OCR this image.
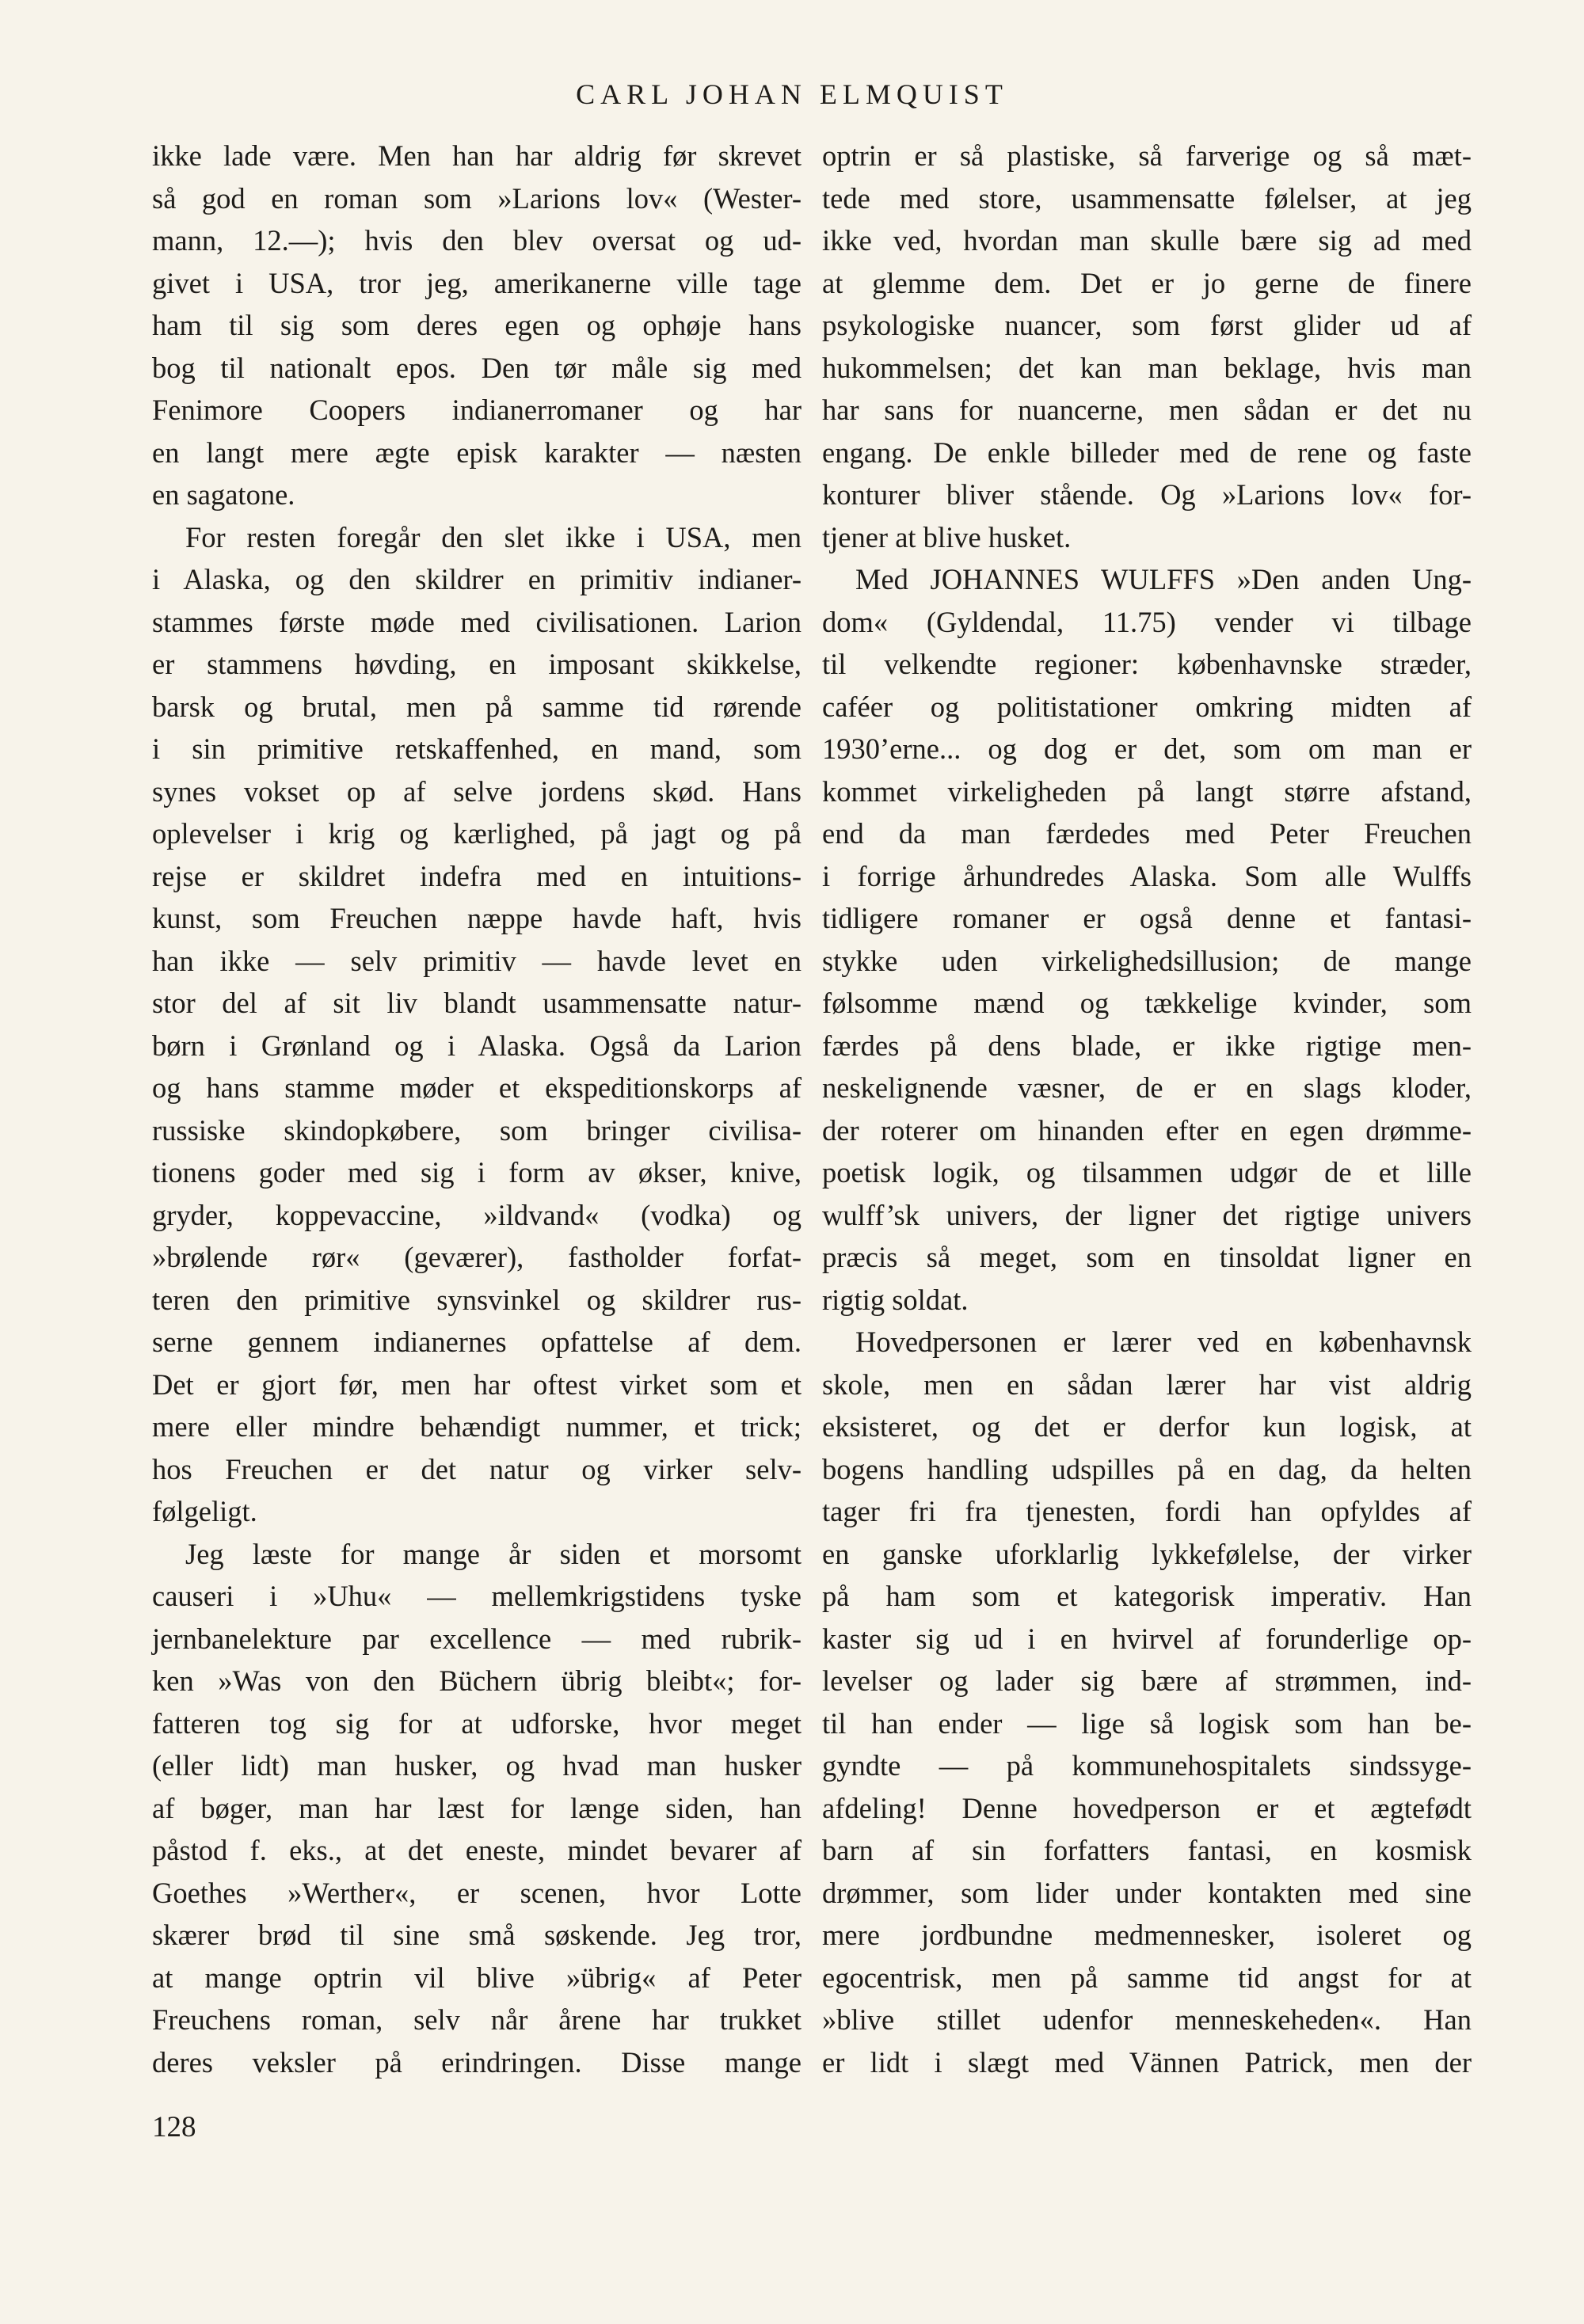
CARL JOHAN ELMQUIST
ikke lade være. Men han har aldrig før skrevet
så god en roman som »Larions lov« (Wester-
mann, 12.—); hvis den blev oversat og ud-
givet i USA, tror jeg, amerikanerne ville tage
ham til sig som deres egen og ophøje hans
bog til nationalt epos. Den tør måle sig med
Fenimore Coopers indianerromaner og har
en langt mere ægte episk karakter — næsten
en sagatone.
For resten foregår den slet ikke i USA, men
i Alaska, og den skildrer en primitiv indianer-
stammes første møde med civilisationen. Larion
er stammens høvding, en imposant skikkelse,
barsk og brutal, men på samme tid rørende
i sin primitive retskaffenhed, en mand, som
synes vokset op af selve jordens skød. Hans
oplevelser i krig og kærlighed, på jagt og på
rejse er skildret indefra med en intuitions-
kunst, som Freuchen næppe havde haft, hvis
han ikke — selv primitiv — havde levet en
stor del af sit liv blandt usammensatte natur-
børn i Grønland og i Alaska. Også da Larion
og hans stamme møder et ekspeditionskorps af
russiske skindopkøbere, som bringer civilisa-
tionens goder med sig i form av økser, knive,
gryder, koppevaccine, »ildvand« (vodka) og
»brølende rør« (geværer), fastholder forfat-
teren den primitive synsvinkel og skildrer rus-
serne gennem indianernes opfattelse af dem.
Det er gjort før, men har oftest virket som et
mere eller mindre behændigt nummer, et trick;
hos Freuchen er det natur og virker selv-
følgeligt.
Jeg læste for mange år siden et morsomt
causeri i »Uhu« — mellemkrigstidens tyske
jernbanelekture par excellence — med rubrik-
ken »Was von den Büchern übrig bleibt«; for-
fatteren tog sig for at udforske, hvor meget
(eller lidt) man husker, og hvad man husker
af bøger, man har læst for længe siden, han
påstod f. eks., at det eneste, mindet bevarer af
Goethes »Werther«, er scenen, hvor Lotte
skærer brød til sine små søskende. Jeg tror,
at mange optrin vil blive »übrig« af Peter
Freuchens roman, selv når årene har trukket
deres veksler på erindringen. Disse mange
optrin er så plastiske, så farverige og så mæt-
tede med store, usammensatte følelser, at jeg
ikke ved, hvordan man skulle bære sig ad med
at glemme dem. Det er jo gerne de finere
psykologiske nuancer, som først glider ud af
hukommelsen; det kan man beklage, hvis man
har sans for nuancerne, men sådan er det nu
engang. De enkle billeder med de rene og faste
konturer bliver stående. Og »Larions lov« for-
tjener at blive husket.
Med JOHANNES WULFFS »Den anden Ung-
dom« (Gyldendal, 11.75) vender vi tilbage
til velkendte regioner: københavnske stræder,
caféer og politistationer omkring midten af
1930’erne... og dog er det, som om man er
kommet virkeligheden på langt større afstand,
end da man færdedes med Peter Freuchen
i forrige århundredes Alaska. Som alle Wulffs
tidligere romaner er også denne et fantasi-
stykke uden virkelighedsillusion; de mange
følsomme mænd og tækkelige kvinder, som
færdes på dens blade, er ikke rigtige men-
neskelignende væsner, de er en slags kloder,
der roterer om hinanden efter en egen drømme-
poetisk logik, og tilsammen udgør de et lille
wulff’sk univers, der ligner det rigtige univers
præcis så meget, som en tinsoldat ligner en
rigtig soldat.
Hovedpersonen er lærer ved en københavnsk
skole, men en sådan lærer har vist aldrig
eksisteret, og det er derfor kun logisk, at
bogens handling udspilles på en dag, da helten
tager fri fra tjenesten, fordi han opfyldes af
en ganske uforklarlig lykkefølelse, der virker
på ham som et kategorisk imperativ. Han
kaster sig ud i en hvirvel af forunderlige op-
levelser og lader sig bære af strømmen, ind-
til han ender — lige så logisk som han be-
gyndte — på kommunehospitalets sindssyge-
afdeling! Denne hovedperson er et ægtefødt
barn af sin forfatters fantasi, en kosmisk
drømmer, som lider under kontakten med sine
mere jordbundne medmennesker, isoleret og
egocentrisk, men på samme tid angst for at
»blive stillet udenfor menneskeheden«. Han
er lidt i slægt med Vännen Patrick, men der
128
